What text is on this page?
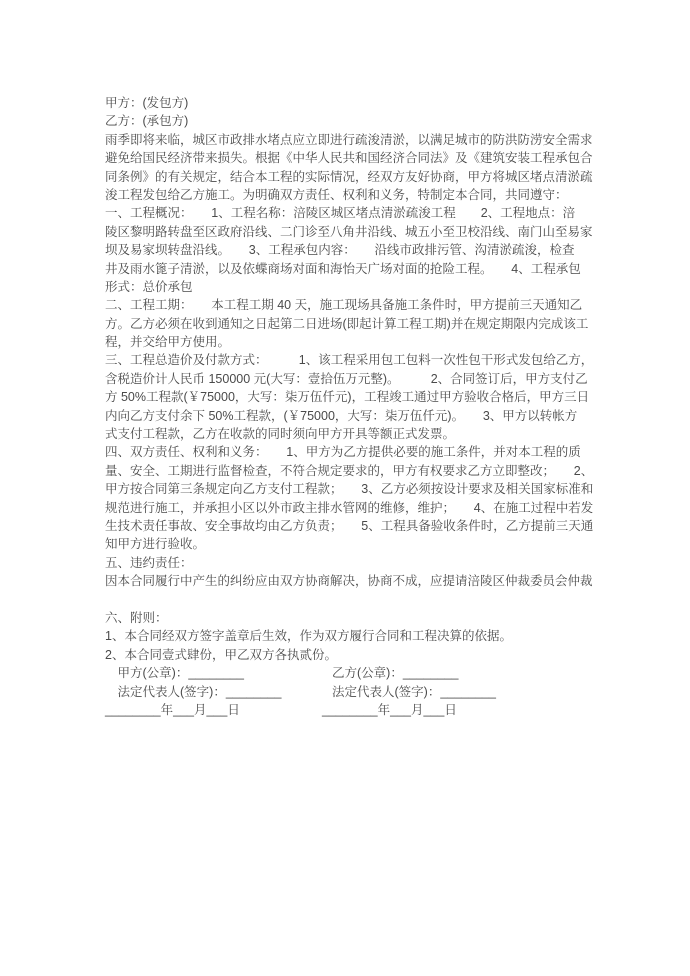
甲方：(发包方)
乙方：(承包方)
雨季即将来临，城区市政排水堵点应立即进行疏浚清淤，以满足城市的防洪防涝安全需求
避免给国民经济带来损失。根据《中华人民共和国经济合同法》及《建筑安装工程承包合
同条例》的有关规定，结合本工程的实际情况，经双方友好协商，甲方将城区堵点清淤疏
浚工程发包给乙方施工。为明确双方责任、权利和义务，特制定本合同，共同遵守：
一、工程概况：　　1、工程名称：涪陵区城区堵点清淤疏浚工程　　2、工程地点：涪
陵区黎明路转盘至区政府沿线、二门诊至八角井沿线、城五小至卫校沿线、南门山至易家
坝及易家坝转盘沿线。　　3、工程承包内容：　　沿线市政排污管、沟清淤疏浚，检查
井及雨水篦子清淤，以及依蝶商场对面和海怡天广场对面的抢险工程。　　4、工程承包
形式：总价承包
二、工程工期：　　本工程工期 40 天，施工现场具备施工条件时，甲方提前三天通知乙
方。乙方必须在收到通知之日起第二日进场(即起计算工程工期)并在规定期限内完成该工
程，并交给甲方使用。
三、工程总造价及付款方式：　　　1、该工程采用包工包料一次性包干形式发包给乙方，
含税造价计人民币 150000 元(大写：壹拾伍万元整)。　　　2、合同签订后，甲方支付乙
方 50%工程款(￥75000，大写：柒万伍仟元)，工程竣工通过甲方验收合格后，甲方三日
内向乙方支付余下 50%工程款，(￥75000，大写：柒万伍仟元)。　　3、甲方以转帐方
式支付工程款，乙方在收款的同时须向甲方开具等额正式发票。
四、双方责任、权利和义务：　　1、甲方为乙方提供必要的施工条件，并对本工程的质
量、安全、工期进行监督检查，不符合规定要求的，甲方有权要求乙方立即整改；　　2、
甲方按合同第三条规定向乙方支付工程款；　　3、乙方必须按设计要求及相关国家标准和
规范进行施工，并承担小区以外市政主排水管网的维修，维护；　　4、在施工过程中若发
生技术责任事故、安全事故均由乙方负责；　　5、工程具备验收条件时，乙方提前三天通
知甲方进行验收。
五、违约责任：
因本合同履行中产生的纠纷应由双方协商解决，协商不成，应提请涪陵区仲裁委员会仲裁

六、附则：
1、本合同经双方签字盖章后生效，作为双方履行合同和工程决算的依据。
2、本合同壹式肆份，甲乙双方各执贰份。
　甲方(公章)：________	乙方(公章)：________
　法定代表人(签字)：________	法定代表人(签字)：________
________年___月___日	________年___月___日
